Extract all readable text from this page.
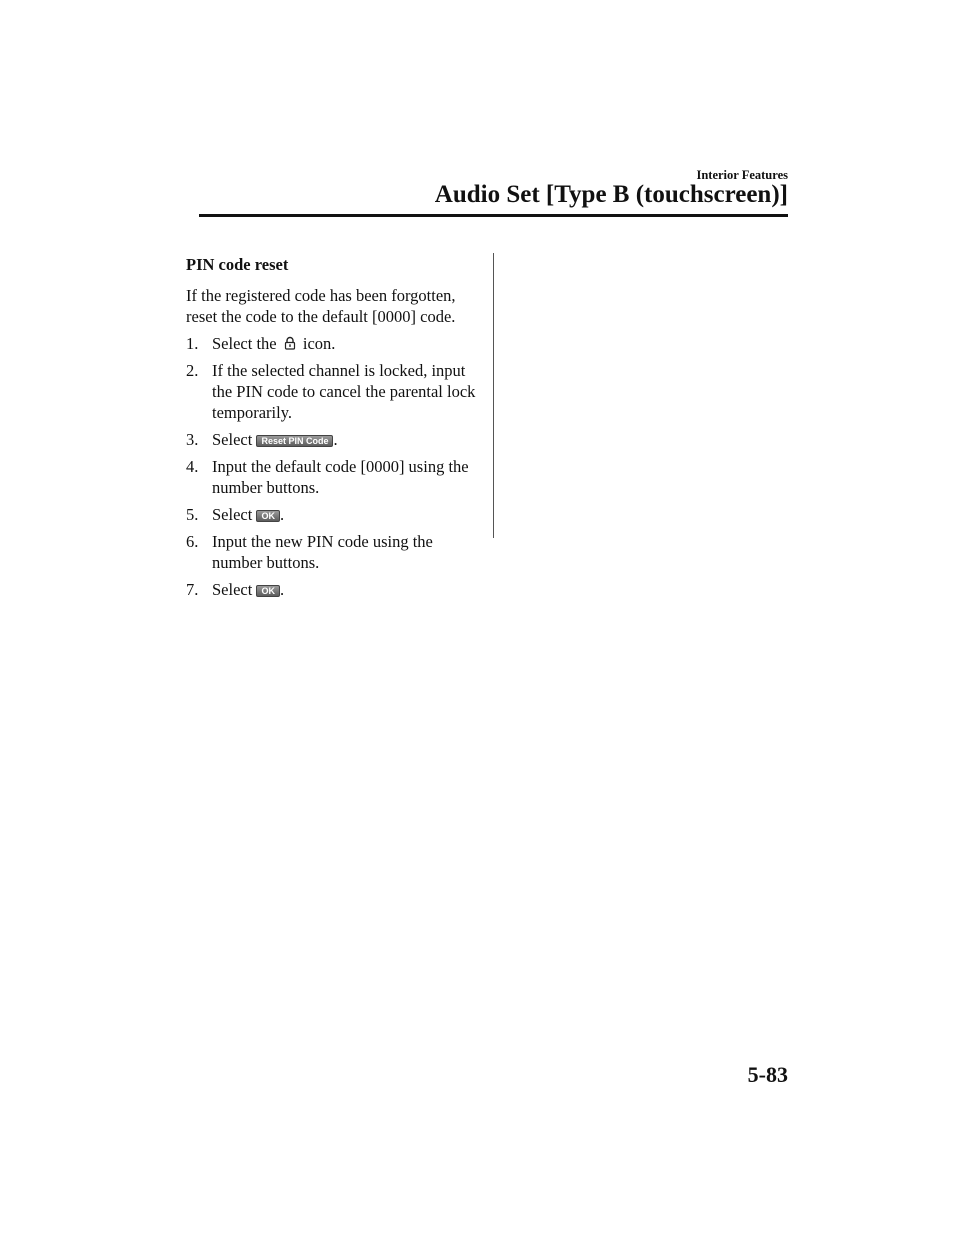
Interior Features
Audio Set [Type B (touchscreen)]
PIN code reset
If the registered code has been forgotten, reset the code to the default [0000] code.
1. Select the icon.
2. If the selected channel is locked, input the PIN code to cancel the parental lock temporarily.
3. Select Reset PIN Code .
4. Input the default code [0000] using the number buttons.
5. Select OK .
6. Input the new PIN code using the number buttons.
7. Select OK .
5-83
